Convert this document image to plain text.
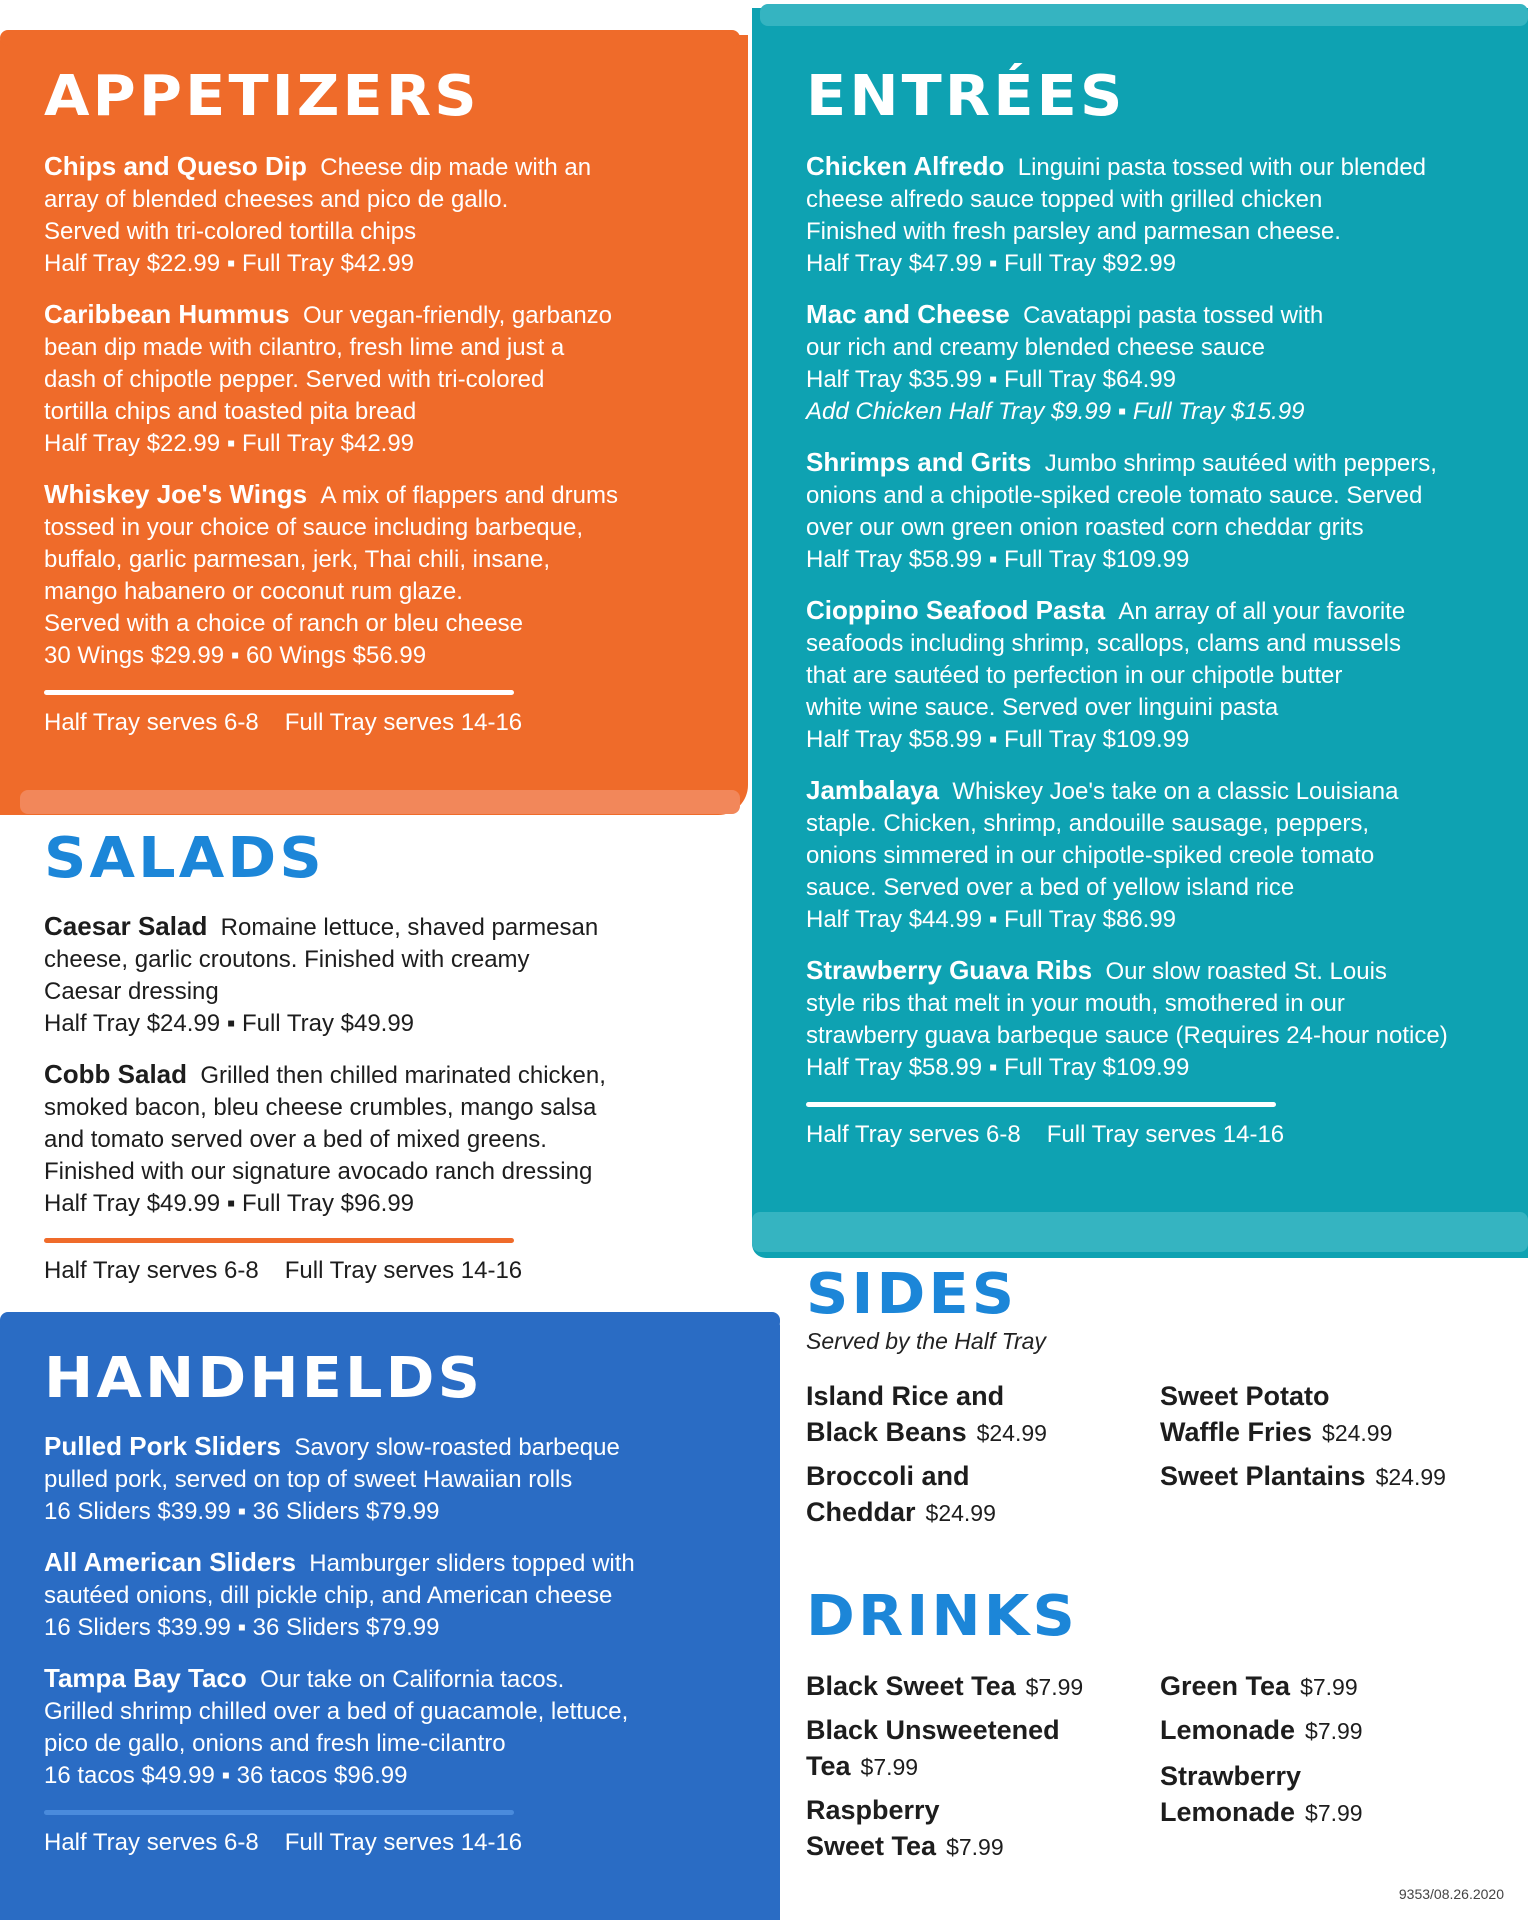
APPETIZERS

Chips and Queso Dip Cheese dip made with an

array of blended cheeses and pico de gallo.

Served with tri-colored tortilla chips

Half Tray $22.99 ▪ Full Tray $42.99

Caribbean Hummus Our vegan-friendly, garbanzo

bean dip made with cilantro, fresh lime and just a

dash of chipotle pepper. Served with tri-colored

tortilla chips and toasted pita bread

Half Tray $22.99 ▪ Full Tray $42.99

Whiskey Joe's Wings A mix of flappers and drums

tossed in your choice of sauce including barbeque,

buffalo, garlic parmesan, jerk, Thai chili, insane,

mango habanero or coconut rum glaze.

Served with a choice of ranch or bleu cheese

30 Wings $29.99 ▪ 60 Wings $56.99

Half Tray serves 6-8 Full Tray serves 14-16

SALADS

Caesar Salad Romaine lettuce, shaved parmesan

cheese, garlic croutons. Finished with creamy

Caesar dressing

Half Tray $24.99 ▪ Full Tray $49.99

Cobb Salad Grilled then chilled marinated chicken,

smoked bacon, bleu cheese crumbles, mango salsa

and tomato served over a bed of mixed greens.

Finished with our signature avocado ranch dressing

Half Tray $49.99 ▪ Full Tray $96.99

Half Tray serves 6-8 Full Tray serves 14-16

HANDHELDS

Pulled Pork Sliders Savory slow-roasted barbeque

pulled pork, served on top of sweet Hawaiian rolls

16 Sliders $39.99 ▪ 36 Sliders $79.99

All American Sliders Hamburger sliders topped with

sautéed onions, dill pickle chip, and American cheese

16 Sliders $39.99 ▪ 36 Sliders $79.99

Tampa Bay Taco Our take on California tacos.

Grilled shrimp chilled over a bed of guacamole, lettuce,

pico de gallo, onions and fresh lime-cilantro

16 tacos $49.99 ▪ 36 tacos $96.99

Half Tray serves 6-8 Full Tray serves 14-16

ENTRÉES

Chicken Alfredo Linguini pasta tossed with our blended

cheese alfredo sauce topped with grilled chicken

Finished with fresh parsley and parmesan cheese.

Half Tray $47.99 ▪ Full Tray $92.99

Mac and Cheese Cavatappi pasta tossed with

our rich and creamy blended cheese sauce

Half Tray $35.99 ▪ Full Tray $64.99

Add Chicken Half Tray $9.99 ▪ Full Tray $15.99

Shrimps and Grits Jumbo shrimp sautéed with peppers,

onions and a chipotle-spiked creole tomato sauce. Served

over our own green onion roasted corn cheddar grits

Half Tray $58.99 ▪ Full Tray $109.99

Cioppino Seafood Pasta An array of all your favorite

seafoods including shrimp, scallops, clams and mussels

that are sautéed to perfection in our chipotle butter

white wine sauce. Served over linguini pasta

Half Tray $58.99 ▪ Full Tray $109.99

Jambalaya Whiskey Joe's take on a classic Louisiana

staple. Chicken, shrimp, andouille sausage, peppers,

onions simmered in our chipotle-spiked creole tomato

sauce. Served over a bed of yellow island rice

Half Tray $44.99 ▪ Full Tray $86.99

Strawberry Guava Ribs Our slow roasted St. Louis

style ribs that melt in your mouth, smothered in our

strawberry guava barbeque sauce (Requires 24-hour notice)

Half Tray $58.99 ▪ Full Tray $109.99

Half Tray serves 6-8 Full Tray serves 14-16

SIDES
Served by the Half Tray
Island Rice and
Black Beans $24.99
Broccoli and
Cheddar $24.99
Sweet Potato
Waffle Fries $24.99
Sweet Plantains $24.99
DRINKS
Black Sweet Tea $7.99
Black Unsweetened
Tea $7.99
Raspberry
Sweet Tea $7.99
Green Tea $7.99
Lemonade $7.99
Strawberry
Lemonade $7.99
9353/08.26.2020
